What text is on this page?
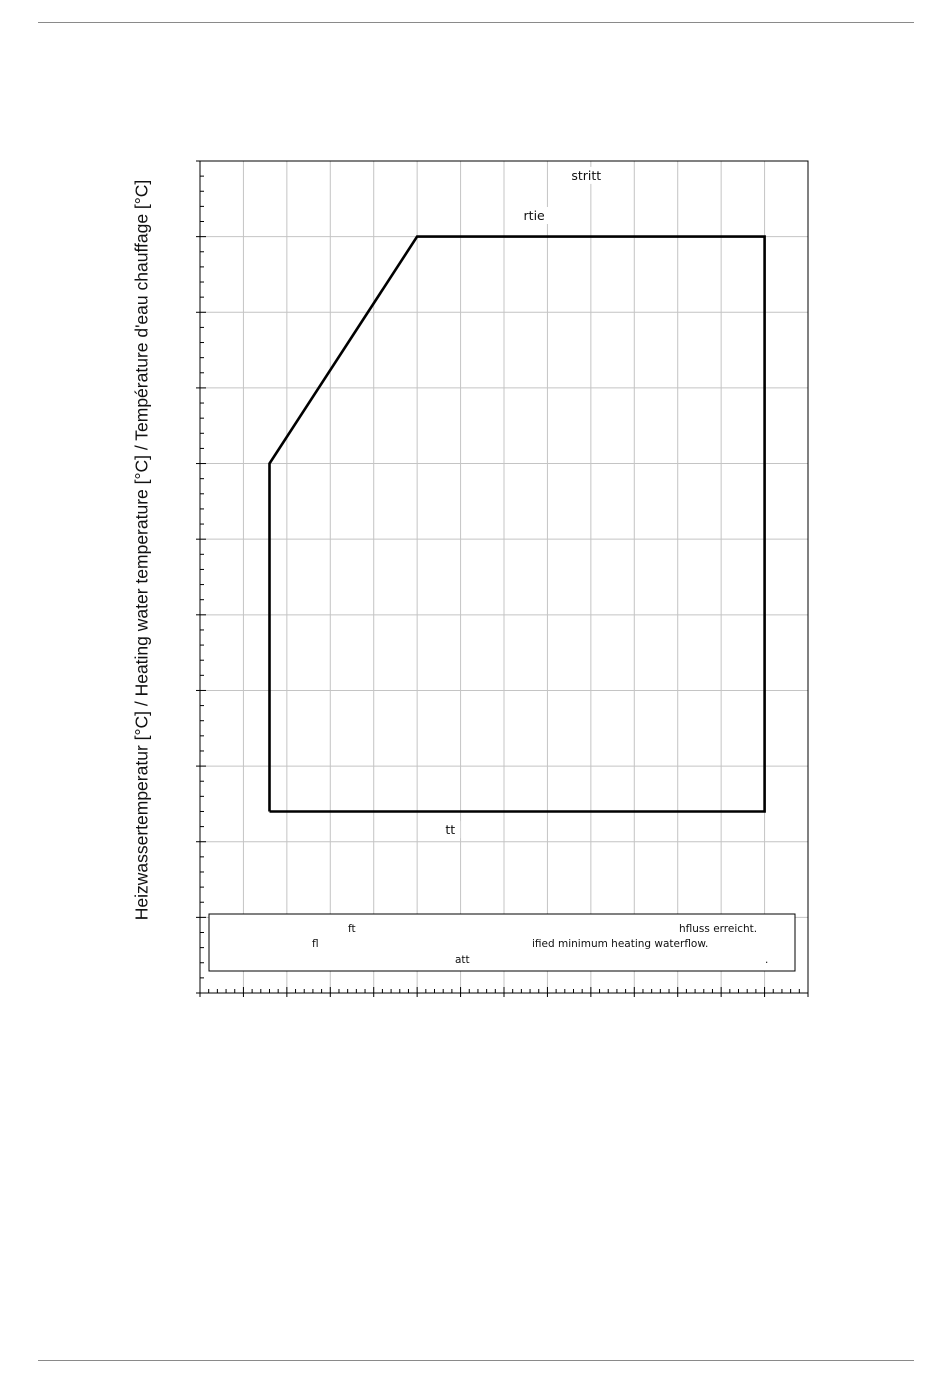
Heizwassertemperatur [°C] / Heating water temperature [°C] / Température d'eau chauffage [°C]
stritt
rtie
tt
ft	hfluss erreicht.
fl	ified minimum heating waterflow.
att	.
